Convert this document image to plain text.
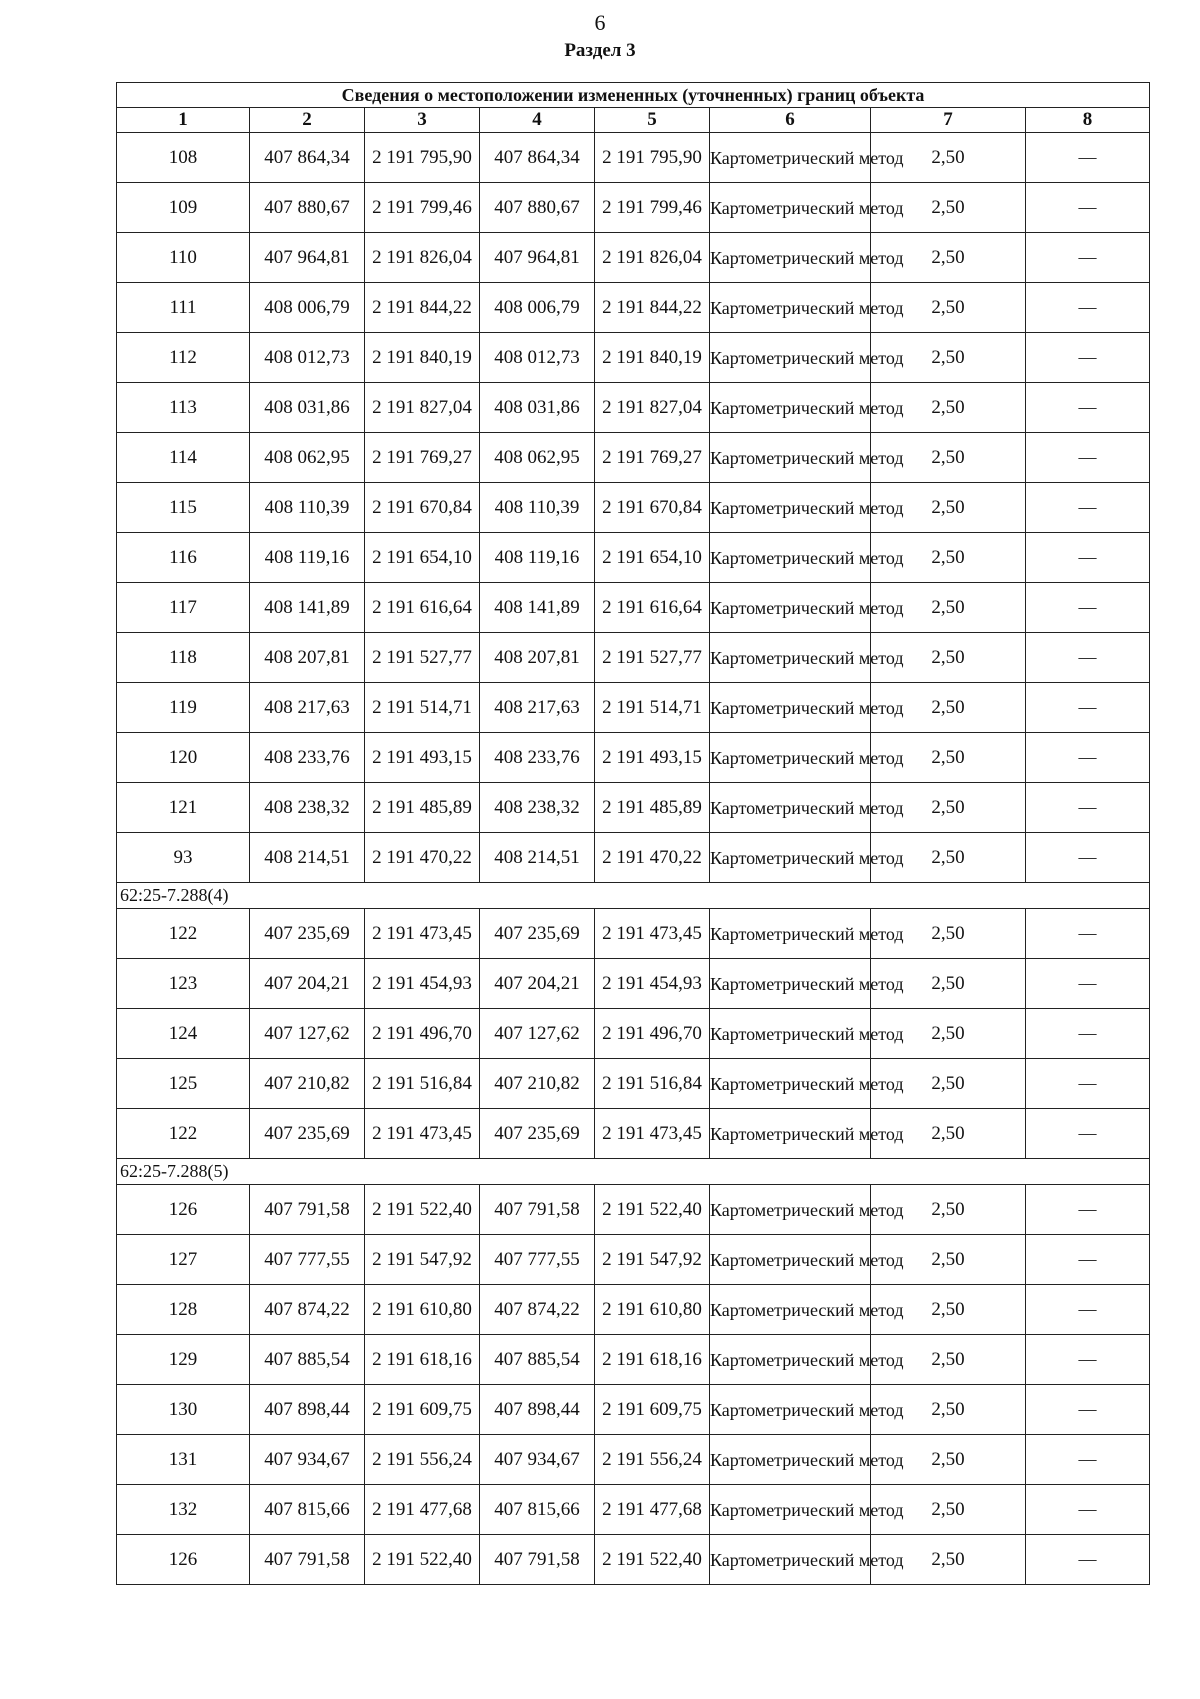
6
Раздел 3
Сведения о местоположении измененных (уточненных) границ объекта							
1	2	3	4	5	6	7	8
108	407 864,34	2 191 795,90	407 864,34	2 191 795,90	Картометрический метод	2,50	—
109	407 880,67	2 191 799,46	407 880,67	2 191 799,46	Картометрический метод	2,50	—
110	407 964,81	2 191 826,04	407 964,81	2 191 826,04	Картометрический метод	2,50	—
111	408 006,79	2 191 844,22	408 006,79	2 191 844,22	Картометрический метод	2,50	—
112	408 012,73	2 191 840,19	408 012,73	2 191 840,19	Картометрический метод	2,50	—
113	408 031,86	2 191 827,04	408 031,86	2 191 827,04	Картометрический метод	2,50	—
114	408 062,95	2 191 769,27	408 062,95	2 191 769,27	Картометрический метод	2,50	—
115	408 110,39	2 191 670,84	408 110,39	2 191 670,84	Картометрический метод	2,50	—
116	408 119,16	2 191 654,10	408 119,16	2 191 654,10	Картометрический метод	2,50	—
117	408 141,89	2 191 616,64	408 141,89	2 191 616,64	Картометрический метод	2,50	—
118	408 207,81	2 191 527,77	408 207,81	2 191 527,77	Картометрический метод	2,50	—
119	408 217,63	2 191 514,71	408 217,63	2 191 514,71	Картометрический метод	2,50	—
120	408 233,76	2 191 493,15	408 233,76	2 191 493,15	Картометрический метод	2,50	—
121	408 238,32	2 191 485,89	408 238,32	2 191 485,89	Картометрический метод	2,50	—
93	408 214,51	2 191 470,22	408 214,51	2 191 470,22	Картометрический метод	2,50	—
62:25-7.288(4)							
122	407 235,69	2 191 473,45	407 235,69	2 191 473,45	Картометрический метод	2,50	—
123	407 204,21	2 191 454,93	407 204,21	2 191 454,93	Картометрический метод	2,50	—
124	407 127,62	2 191 496,70	407 127,62	2 191 496,70	Картометрический метод	2,50	—
125	407 210,82	2 191 516,84	407 210,82	2 191 516,84	Картометрический метод	2,50	—
122	407 235,69	2 191 473,45	407 235,69	2 191 473,45	Картометрический метод	2,50	—
62:25-7.288(5)							
126	407 791,58	2 191 522,40	407 791,58	2 191 522,40	Картометрический метод	2,50	—
127	407 777,55	2 191 547,92	407 777,55	2 191 547,92	Картометрический метод	2,50	—
128	407 874,22	2 191 610,80	407 874,22	2 191 610,80	Картометрический метод	2,50	—
129	407 885,54	2 191 618,16	407 885,54	2 191 618,16	Картометрический метод	2,50	—
130	407 898,44	2 191 609,75	407 898,44	2 191 609,75	Картометрический метод	2,50	—
131	407 934,67	2 191 556,24	407 934,67	2 191 556,24	Картометрический метод	2,50	—
132	407 815,66	2 191 477,68	407 815,66	2 191 477,68	Картометрический метод	2,50	—
126	407 791,58	2 191 522,40	407 791,58	2 191 522,40	Картометрический метод	2,50	—
